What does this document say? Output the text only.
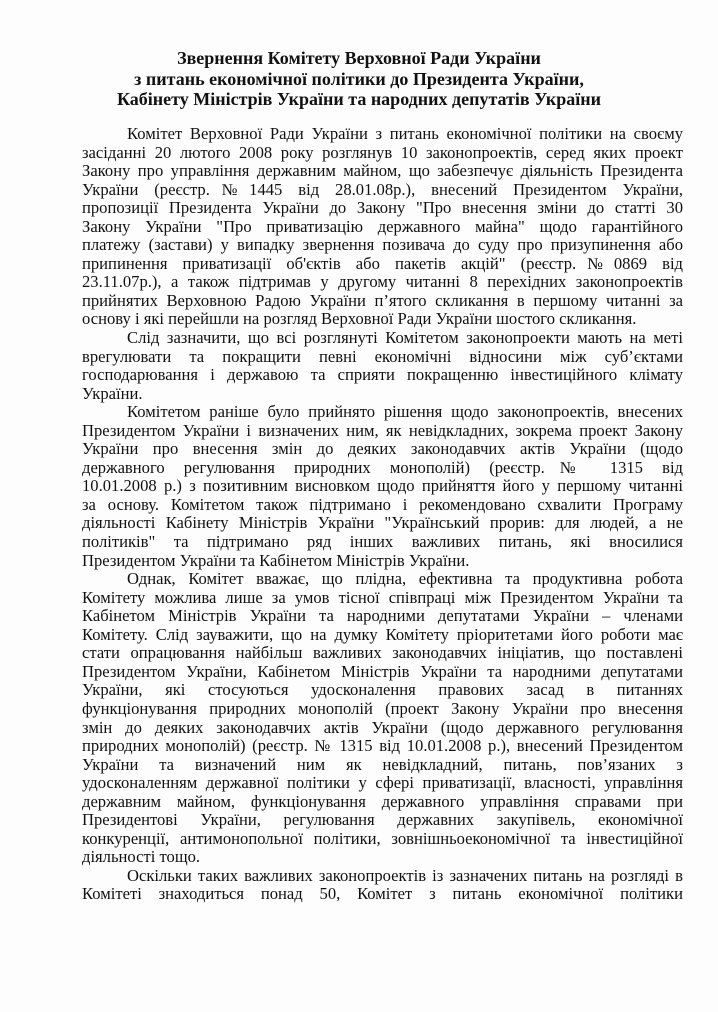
Звернення Комітету Верховної Ради України
з питань економічної політики до Президента України,
Кабінету Міністрів України та народних депутатів України
Комітет Верховної Ради України з питань економічної політики на своєму
засіданні 20 лютого 2008 року розглянув 10 законопроектів, серед яких проект
Закону про управління державним майном, що забезпечує діяльність Президента
України (реєстр.№1445 від 28.01.08р.), внесений Президентом України,
пропозиції Президента України до Закону "Про внесення зміни до статті 30
Закону України "Про приватизацію державного майна" щодо гарантійного
платежу (застави) у випадку звернення позивача до суду про призупинення або
припинення приватизації об'єктів або пакетів акцій" (реєстр.№0869 від
23.11.07р.), а також підтримав у другому читанні 8 перехідних законопроектів
прийнятих Верховною Радою України п’ятого скликання в першому читанні за
основу і які перейшли на розгляд Верховної Ради України шостого скликання.
Слід зазначити, що всі розглянуті Комітетом законопроекти мають на меті
врегулювати та покращити певні економічні відносини між суб’єктами
господарювання і державою та сприяти покращенню інвестиційного клімату
України.
Комітетом раніше було прийнято рішення щодо законопроектів, внесених
Президентом України і визначених ним, як невідкладних, зокрема проект Закону
України про внесення змін до деяких законодавчих актів України (щодо
державного регулювання природних монополій) (реєстр.№ 1315 від
10.01.2008 р.) з позитивним висновком щодо прийняття його у першому читанні
за основу. Комітетом також підтримано і рекомендовано схвалити Програму
діяльності Кабінету Міністрів України "Український прорив: для людей, а не
політиків" та підтримано ряд інших важливих питань, які вносилися
Президентом України та Кабінетом Міністрів України.
Однак, Комітет вважає, що плідна, ефективна та продуктивна робота
Комітету можлива лише за умов тісної співпраці між Президентом України та
Кабінетом Міністрів України та народними депутатами України – членами
Комітету. Слід зауважити, що на думку Комітету пріоритетами його роботи має
стати опрацювання найбільш важливих законодавчих ініціатив, що поставлені
Президентом України, Кабінетом Міністрів України та народними депутатами
України, які стосуються удосконалення правових засад в питаннях
функціонування природних монополій (проект Закону України про внесення
змін до деяких законодавчих актів України (щодо державного регулювання
природних монополій) (реєстр. № 1315 від 10.01.2008 р.), внесений Президентом
України та визначений ним як невідкладний, питань, пов’язаних з
удосконаленням державної політики у сфері приватизації, власності, управління
державним майном, функціонування державного управління справами при
Президентові України, регулювання державних закупівель, економічної
конкуренції, антимонопольної політики, зовнішньоекономічної та інвестиційної
діяльності тощо.
Оскільки таких важливих законопроектів із зазначених питань на розгляді в
Комітеті знаходиться понад 50, Комітет з питань економічної політики
